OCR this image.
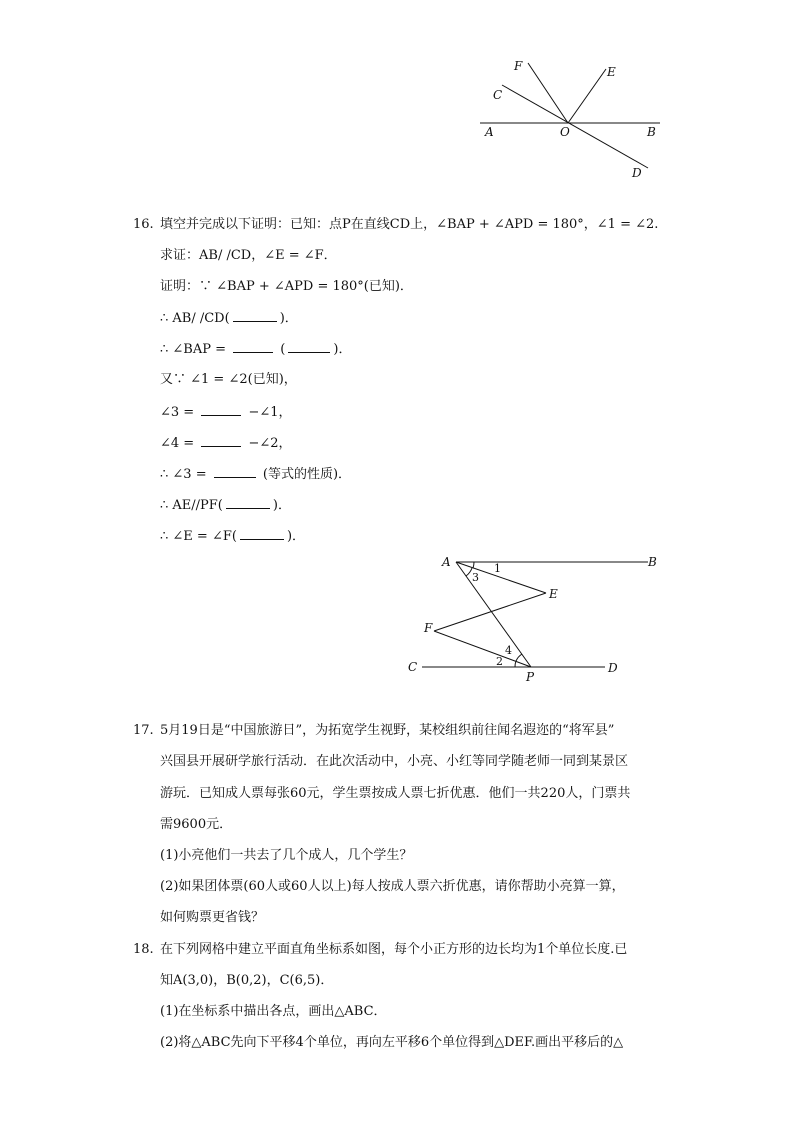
F	E
C
A	O	B
D
16. 填空并完成以下证明：已知：点P在直线CD上，∠BAP + ∠APD = 180°，∠1 = ∠2.
求证：AB/ /CD，∠E = ∠F．
证明：∵ ∠BAP + ∠APD = 180°(已知)．
∴ AB/ /CD(	)．
∴ ∠BAP =	(	)．
又∵ ∠1 = ∠2(已知)，
∠3 =	−∠1，
∠4 =	−∠2，
∴ ∠3 =	(等式的性质)．
∴ AE//PF(	)．
∴ ∠E = ∠F(	)．
A	B
E
F
C	D
P
1
3
2
4
17. 5月19日是“中国旅游日”，为拓宽学生视野，某校组织前往闻名遐迩的“将军县”
兴国县开展研学旅行活动．在此次活动中，小亮、小红等同学随老师一同到某景区
游玩．已知成人票每张60元，学生票按成人票七折优惠．他们一共220人，门票共
需9600元．
(1)小亮他们一共去了几个成人，几个学生？
(2)如果团体票(60人或60人以上)每人按成人票六折优惠，请你帮助小亮算一算，
如何购票更省钱？
18. 在下列网格中建立平面直角坐标系如图，每个小正方形的边长均为1个单位长度.已
知A(3,0)，B(0,2)，C(6,5)．
(1)在坐标系中描出各点，画出△ABC．
(2)将△ABC先向下平移4个单位，再向左平移6个单位得到△DEF.画出平移后的△
